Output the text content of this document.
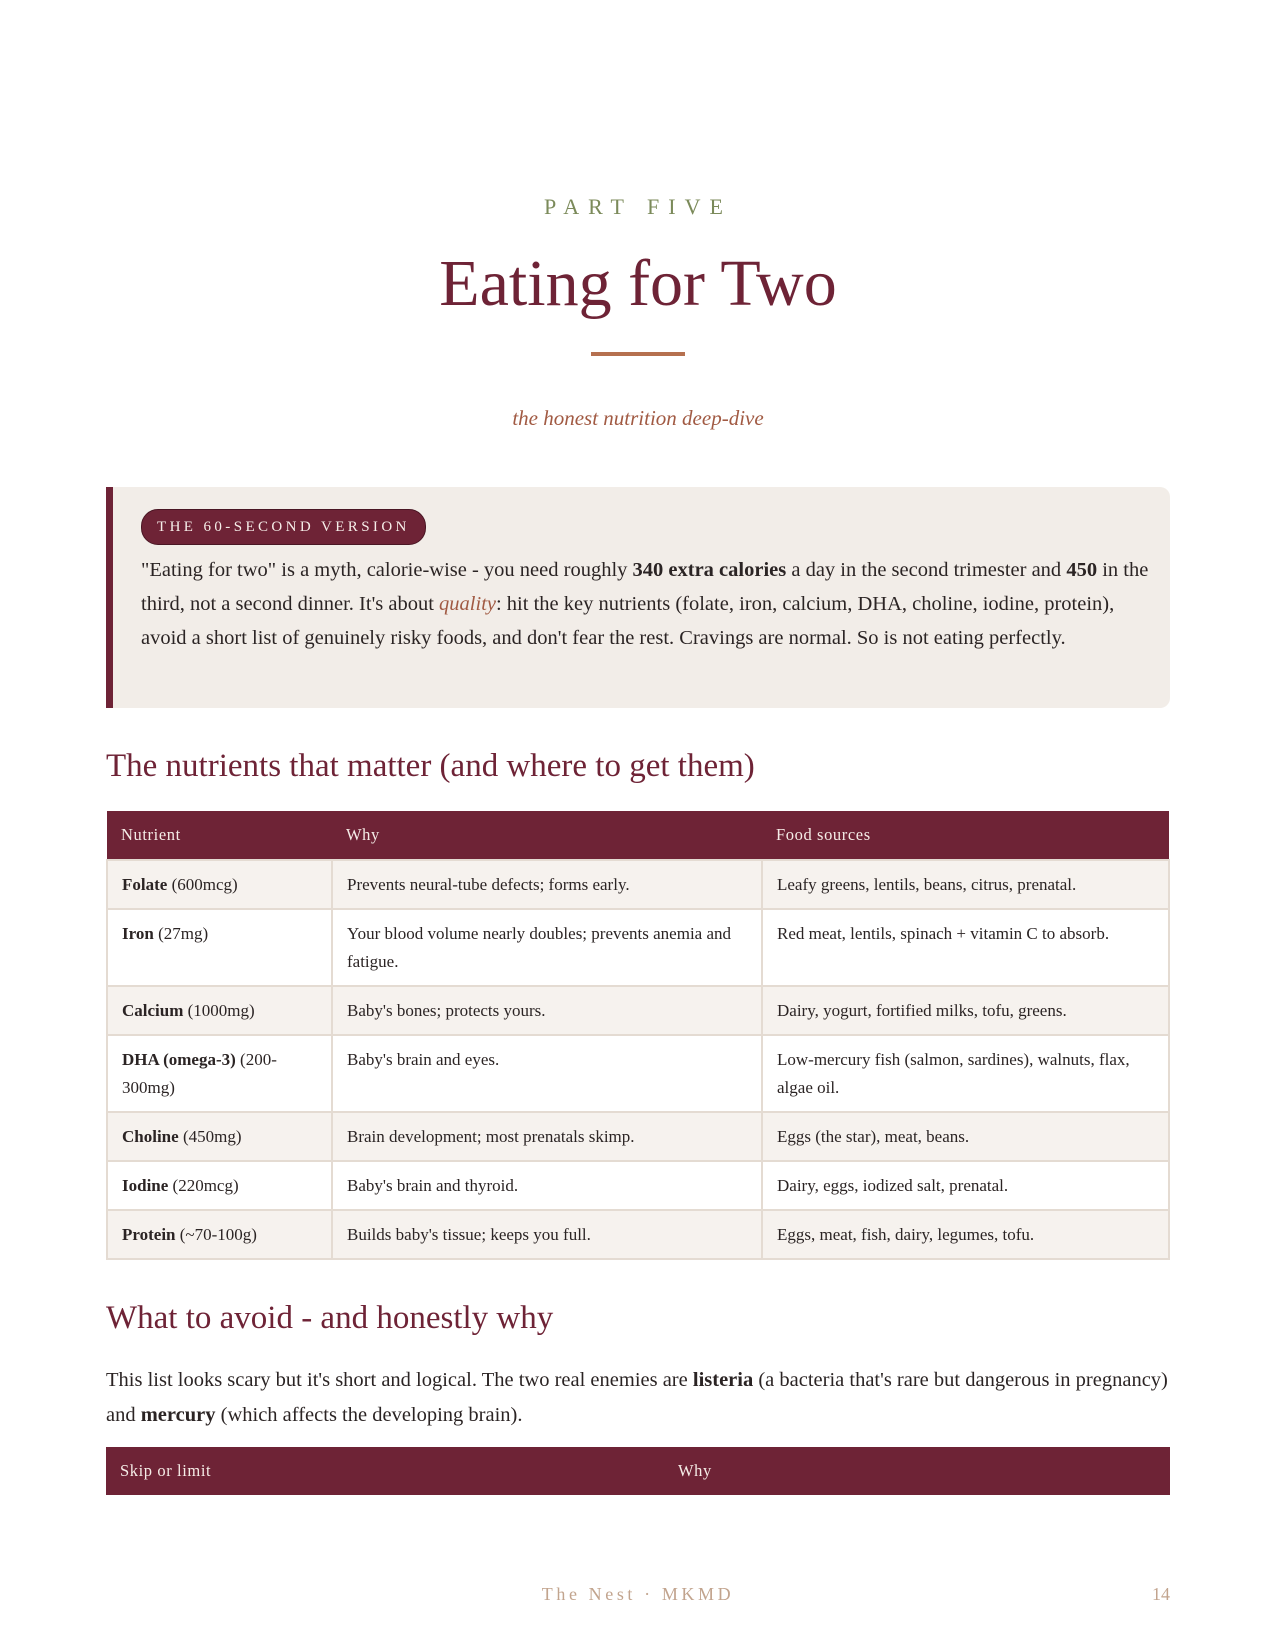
PART FIVE
Eating for Two
the honest nutrition deep-dive
THE 60-SECOND VERSION
"Eating for two" is a myth, calorie-wise - you need roughly 340 extra calories a day in the second trimester and 450 in the third, not a second dinner. It's about quality: hit the key nutrients (folate, iron, calcium, DHA, choline, iodine, protein), avoid a short list of genuinely risky foods, and don't fear the rest. Cravings are normal. So is not eating perfectly.
The nutrients that matter (and where to get them)
Nutrient	Why	Food sources
Folate (600mcg)	Prevents neural-tube defects; forms early.	Leafy greens, lentils, beans, citrus, prenatal.
Iron (27mg)	Your blood volume nearly doubles; prevents anemia and fatigue.	Red meat, lentils, spinach + vitamin C to absorb.
Calcium (1000mg)	Baby's bones; protects yours.	Dairy, yogurt, fortified milks, tofu, greens.
DHA (omega-3) (200-300mg)	Baby's brain and eyes.	Low-mercury fish (salmon, sardines), walnuts, flax, algae oil.
Choline (450mg)	Brain development; most prenatals skimp.	Eggs (the star), meat, beans.
Iodine (220mcg)	Baby's brain and thyroid.	Dairy, eggs, iodized salt, prenatal.
Protein (~70-100g)	Builds baby's tissue; keeps you full.	Eggs, meat, fish, dairy, legumes, tofu.
What to avoid - and honestly why
This list looks scary but it's short and logical. The two real enemies are listeria (a bacteria that's rare but dangerous in pregnancy) and mercury (which affects the developing brain).
Skip or limit	Why
The Nest · MKMD	14
